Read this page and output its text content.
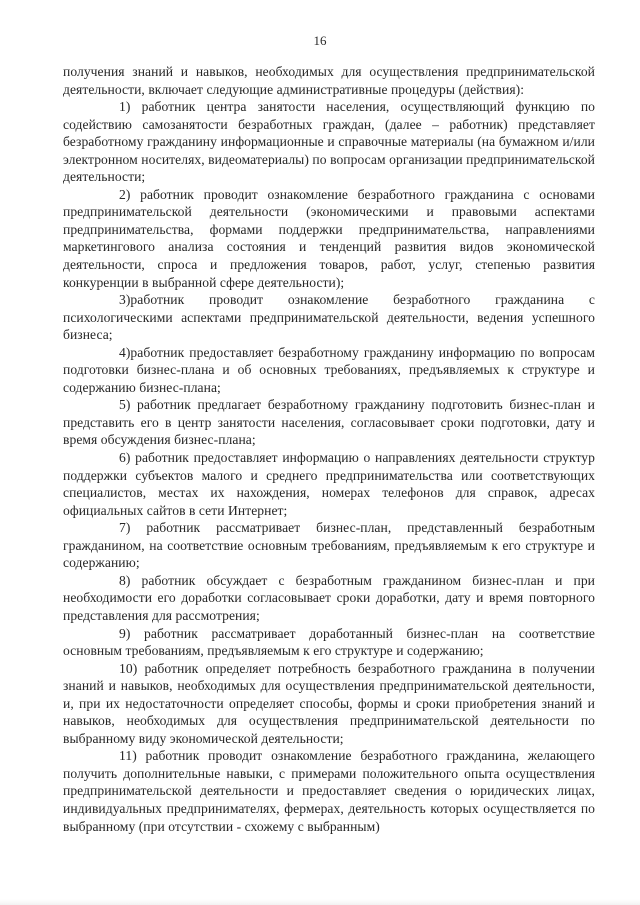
16

получения знаний и навыков, необходимых для осуществления предпринимательской деятельности, включает следующие административные процедуры (действия):

1) работник центра занятости населения, осуществляющий функцию по содействию самозанятости безработных граждан, (далее – работник) представляет безработному гражданину информационные и справочные материалы (на бумажном и/или электронном носителях, видеоматериалы) по вопросам организации предпринимательской деятельности;

2) работник проводит ознакомление безработного гражданина с основами предпринимательской деятельности (экономическими и правовыми аспектами предпринимательства, формами поддержки предпринимательства, направлениями маркетингового анализа состояния и тенденций развития видов экономической деятельности, спроса и предложения товаров, работ, услуг, степенью развития конкуренции в выбранной сфере деятельности);

3)работник проводит ознакомление безработного гражданина с психологическими аспектами предпринимательской деятельности, ведения успешного бизнеса;

4)работник предоставляет безработному гражданину информацию по вопросам подготовки бизнес-плана и об основных требованиях, предъявляемых к структуре и содержанию бизнес-плана;

5) работник предлагает безработному гражданину подготовить бизнес-план и представить его в центр занятости населения, согласовывает сроки подготовки, дату и время обсуждения бизнес-плана;

6) работник предоставляет информацию о направлениях деятельности структур поддержки субъектов малого и среднего предпринимательства или соответствующих специалистов, местах их нахождения, номерах телефонов для справок, адресах официальных сайтов в сети Интернет;

7) работник рассматривает бизнес-план, представленный безработным гражданином, на соответствие основным требованиям, предъявляемым к его структуре и содержанию;

8) работник обсуждает с безработным гражданином бизнес-план и при необходимости его доработки согласовывает сроки доработки, дату и время повторного представления для рассмотрения;

9) работник рассматривает доработанный бизнес-план на соответствие основным требованиям, предъявляемым к его структуре и содержанию;

10) работник определяет потребность безработного гражданина в получении знаний и навыков, необходимых для осуществления предпринимательской деятельности, и, при их недостаточности определяет способы, формы и сроки приобретения знаний и навыков, необходимых для осуществления предпринимательской деятельности по выбранному виду экономической деятельности;

11) работник проводит ознакомление безработного гражданина, желающего получить дополнительные навыки, с примерами положительного опыта осуществления предпринимательской деятельности и предоставляет сведения о юридических лицах, индивидуальных предпринимателях, фермерах, деятельность которых осуществляется по выбранному (при отсутствии - схожему с выбранным)
